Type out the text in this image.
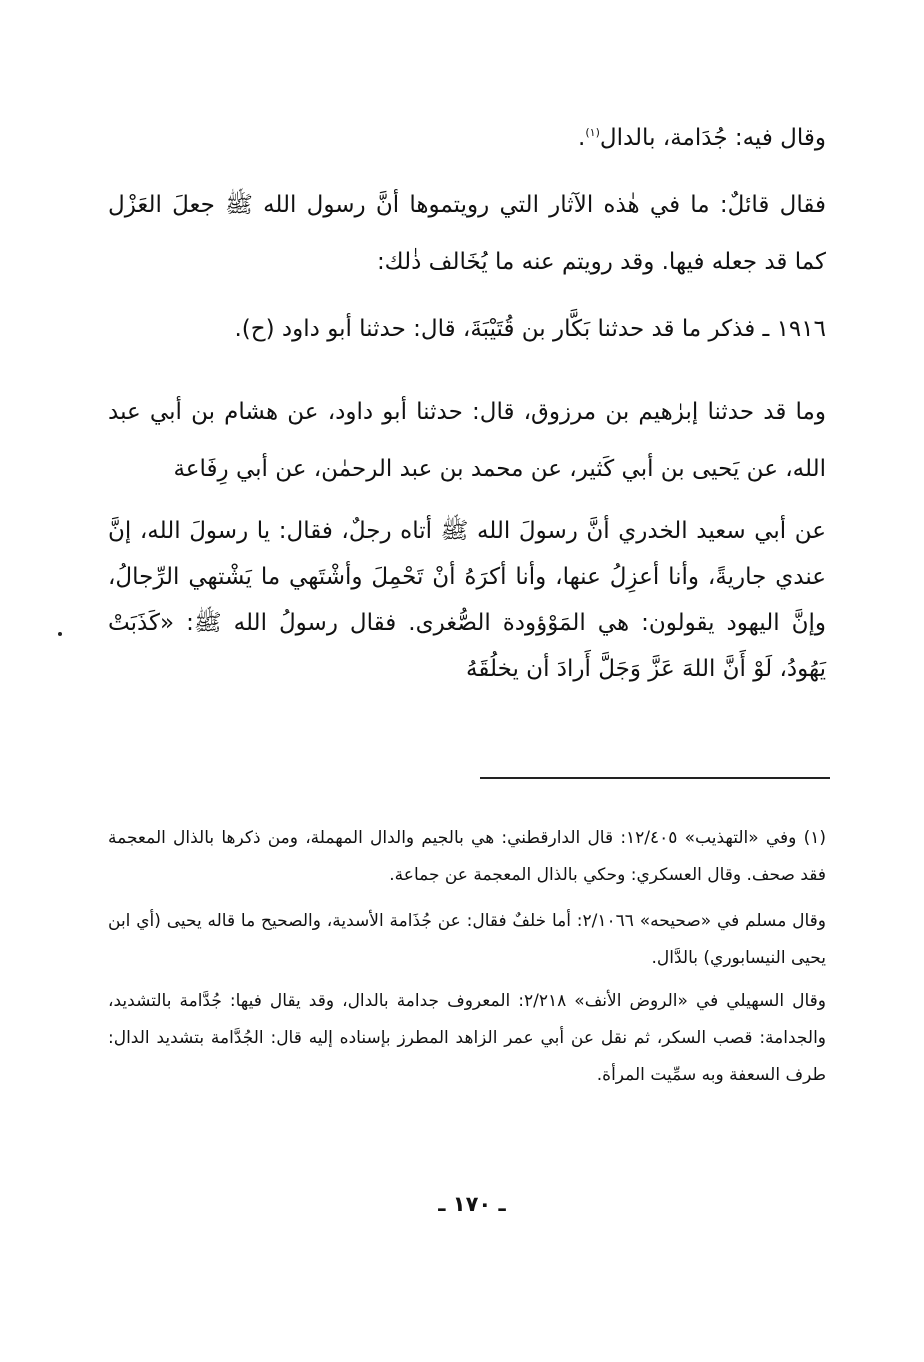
وقال فيه: جُدَامة، بالدال$^{(١)}$.

فقال قائلٌ: ما في هٰذه الآثار التي رويتموها أنَّ رسول الله ﷺ جعلَ العَزْل كما قد جعله فيها. وقد رويتم عنه ما يُخَالف ذٰلك:

١٩١٦ ـ فذكر ما قد حدثنا بَكَّار بن قُتَيْبَةَ، قال: حدثنا أبو داود (ح).

وما قد حدثنا إبرٰهيم بن مرزوق، قال: حدثنا أبو داود، عن هشام بن أبي عبد الله، عن يَحيى بن أبي كَثير، عن محمد بن عبد الرحمٰن، عن أبي رِفَاعة

عن أبي سعيد الخدري أنَّ رسولَ الله ﷺ أتاه رجلٌ، فقال: يا رسولَ الله، إنَّ عندي جاريةً، وأنا أعزِلُ عنها، وأنا أكرَهُ أنْ تَحْمِلَ وأشْتَهي ما يَشْتهي الرِّجالُ، وإنَّ اليهود يقولون: هي المَوْؤودة الصُّغرى. فقال رسولُ الله ﷺ: «كَذَبَتْ يَهُودُ، لَوْ أَنَّ اللهَ عَزَّ وَجَلَّ أَرادَ أن يخلُقَهُ

(١) وفي «التهذيب» ١٢/٤٠٥: قال الدارقطني: هي بالجيم والدال المهملة، ومن ذكرها بالذال المعجمة فقد صحف. وقال العسكري: وحكي بالذال المعجمة عن جماعة.

وقال مسلم في «صحيحه» ٢/١٠٦٦: أما خلفٌ فقال: عن جُذَامة الأسدية، والصحيح ما قاله يحيى (أي ابن يحيى النيسابوري) بالدَّال.

وقال السهيلي في «الروض الأنف» ٢/٢١٨: المعروف جدامة بالدال، وقد يقال فيها: جُدَّامة بالتشديد، والجدامة: قصب السكر، ثم نقل عن أبي عمر الزاهد المطرز بإسناده إليه قال: الجُدَّامة بتشديد الدال: طرف السعفة وبه سمِّيت المرأة.

ـ ١٧٠ ـ
